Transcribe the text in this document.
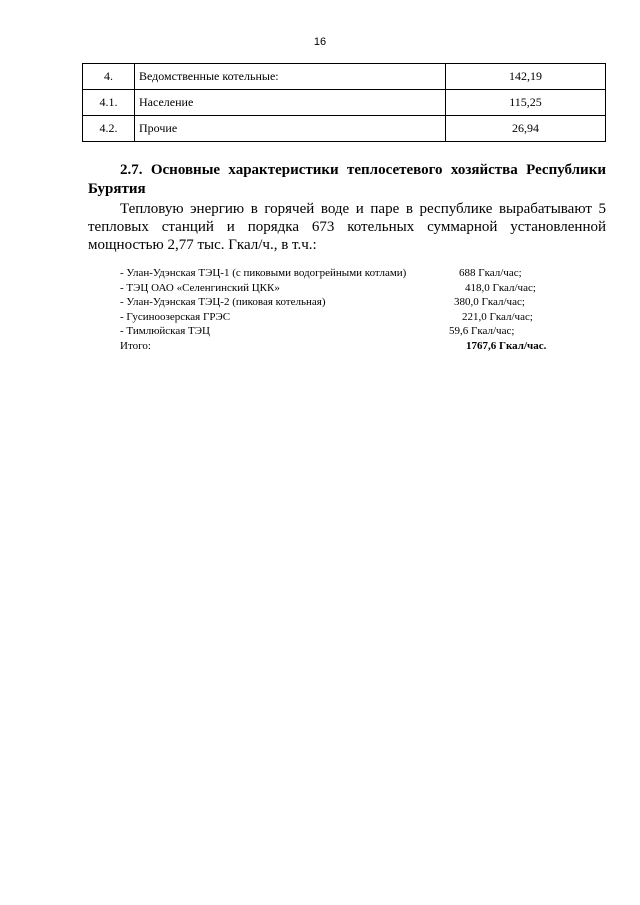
16
4.	Ведомственные котельные:	142,19
4.1.	Население	115,25
4.2.	Прочие	26,94
2.7. Основные характеристики теплосетевого хозяйства Республики Бурятия
Тепловую энергию в горячей воде и паре в республике вырабатывают 5 тепловых станций и порядка 673 котельных суммарной установленной мощностью 2,77 тыс. Гкал/ч., в т.ч.:
- Улан-Удэнская ТЭЦ-1 (с пиковыми водогрейными котлами)	688 Гкал/час;
- ТЭЦ ОАО «Селенгинский ЦКК»	418,0 Гкал/час;
- Улан-Удэнская ТЭЦ-2 (пиковая котельная)	380,0 Гкал/час;
- Гусиноозерская ГРЭС	221,0 Гкал/час;
- Тимлюйская ТЭЦ	59,6 Гкал/час;
Итого:	1767,6 Гкал/час.
